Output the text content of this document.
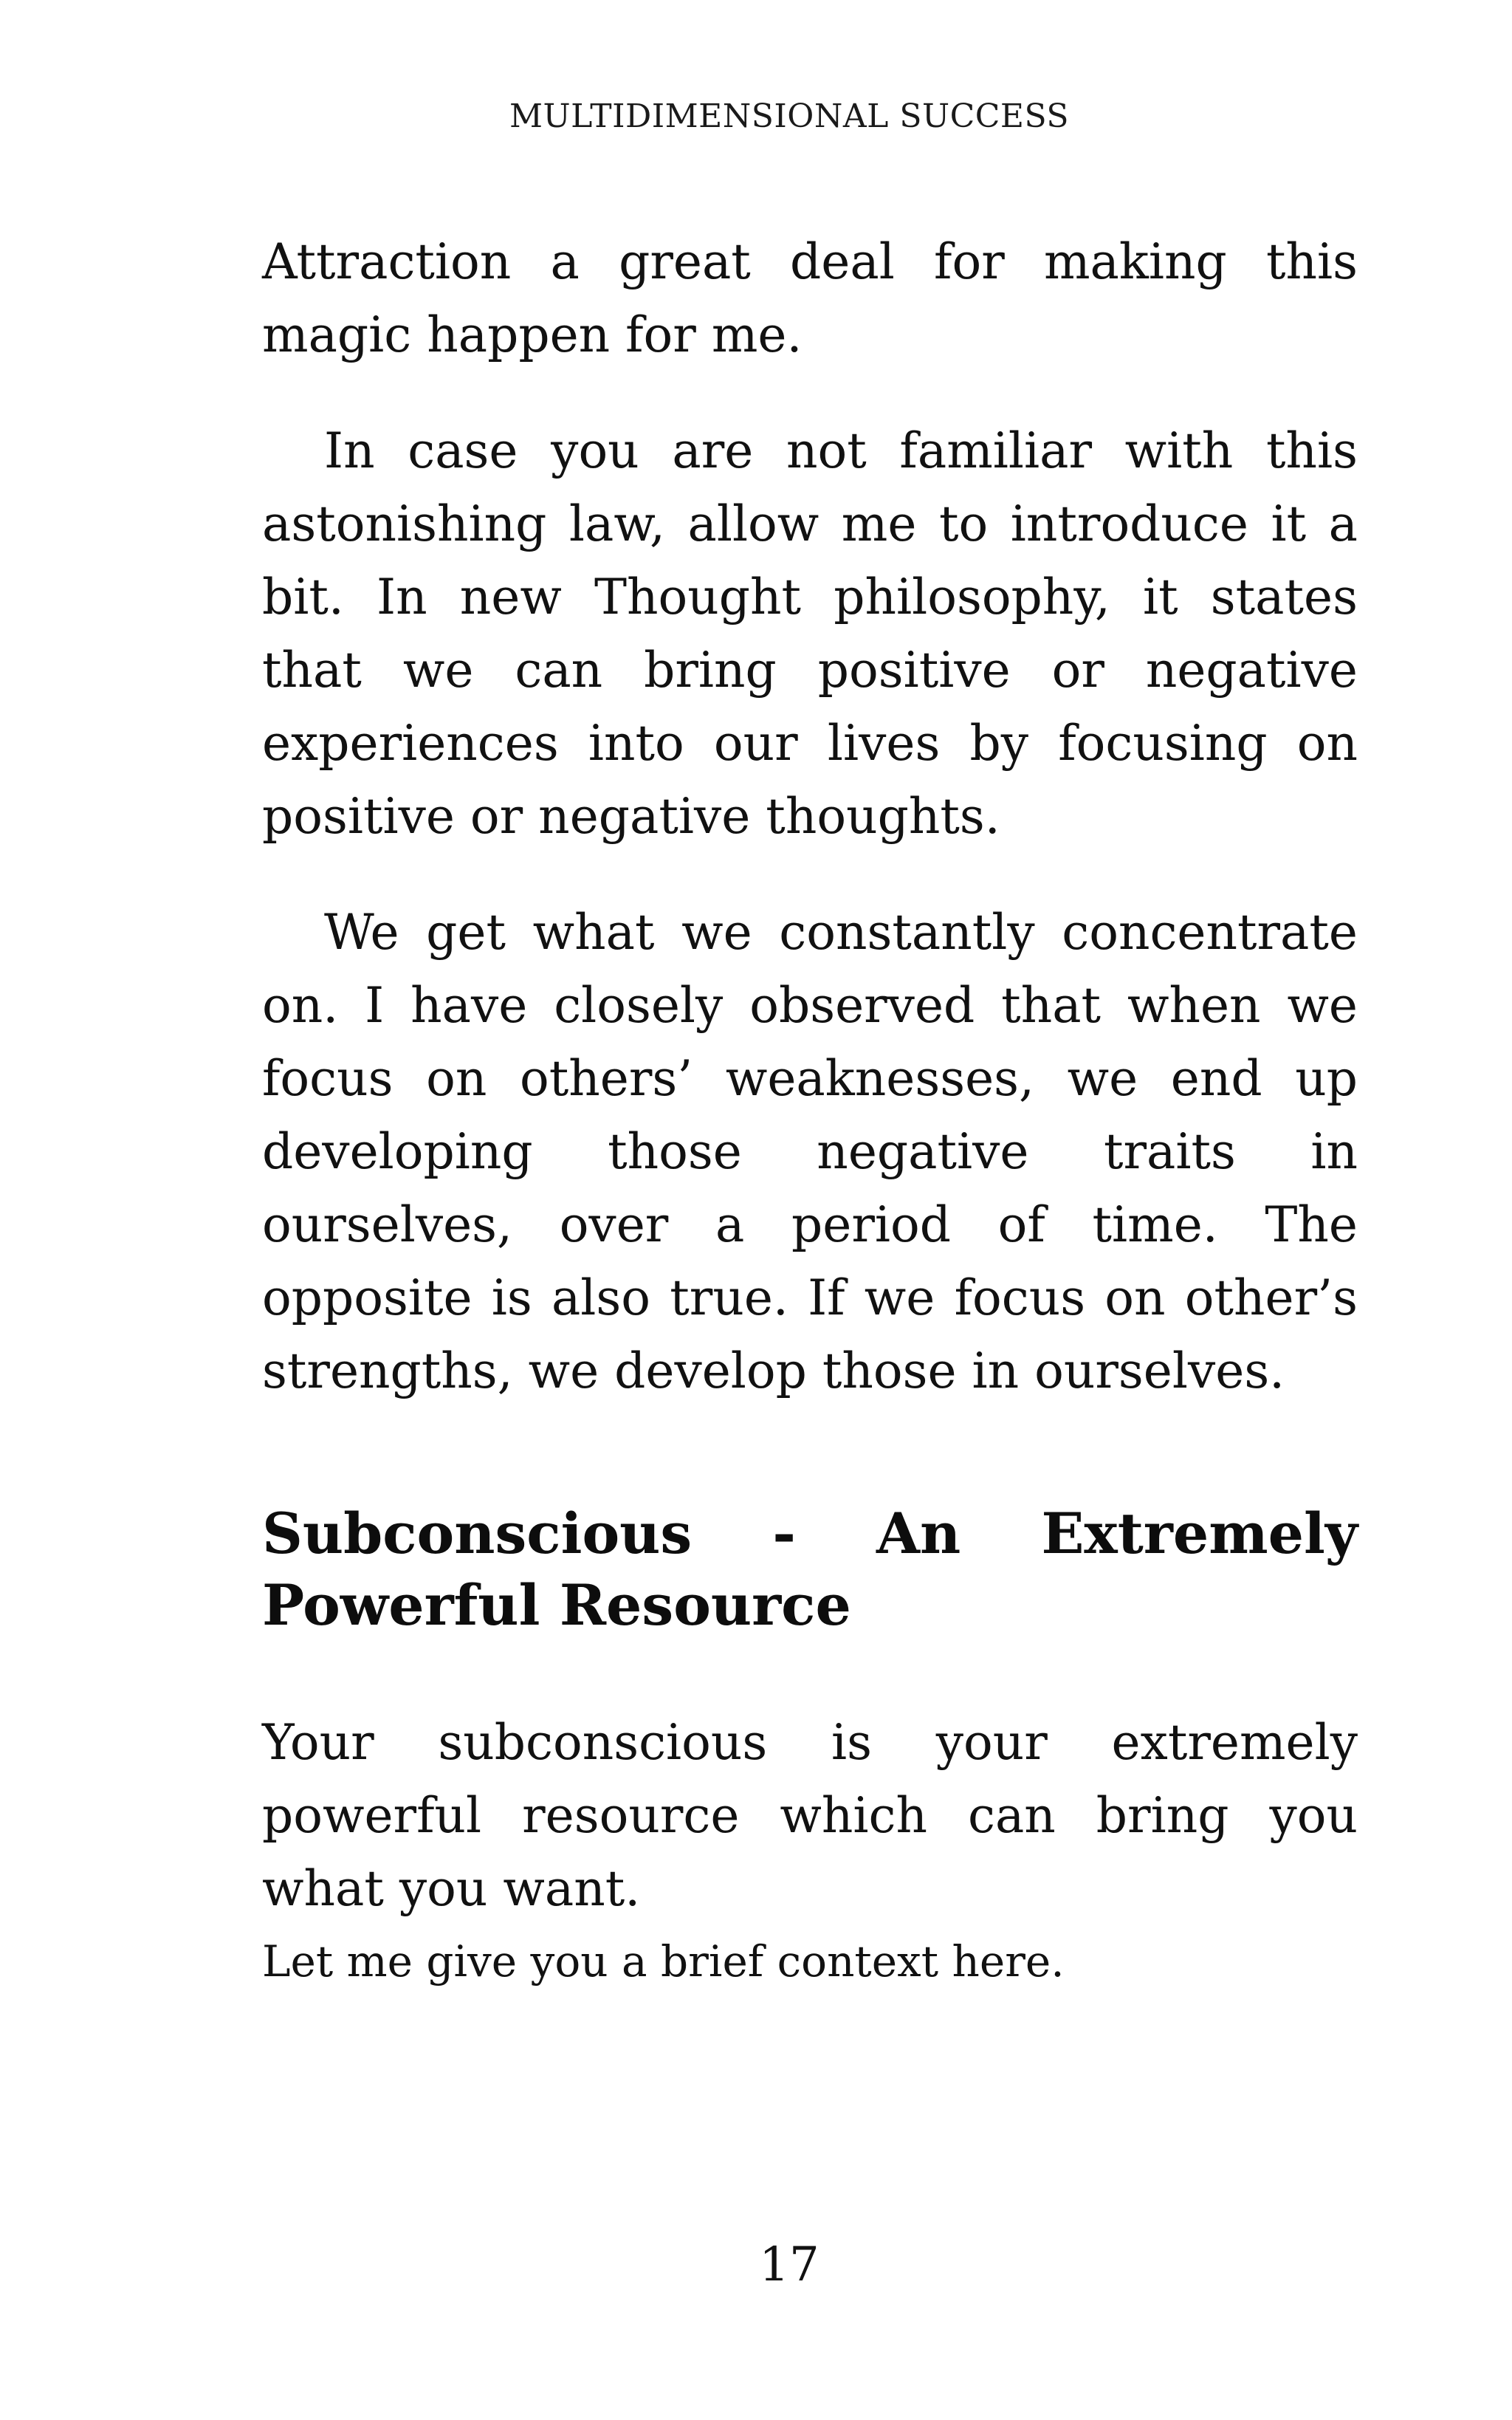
MULTIDIMENSIONAL SUCCESS

Attraction a great deal for making this magic happen for me.

In case you are not familiar with this astonishing law, allow me to introduce it a bit. In new Thought philosophy, it states that we can bring positive or negative experiences into our lives by focusing on positive or negative thoughts.

We get what we constantly concentrate on. I have closely observed that when we focus on others’ weaknesses, we end up developing those negative traits in ourselves, over a period of time. The opposite is also true. If we focus on other’s strengths, we develop those in ourselves.

Subconscious - An Extremely Powerful Resource

Your subconscious is your extremely powerful resource which can bring you what you want.
Let me give you a brief context here.

17
